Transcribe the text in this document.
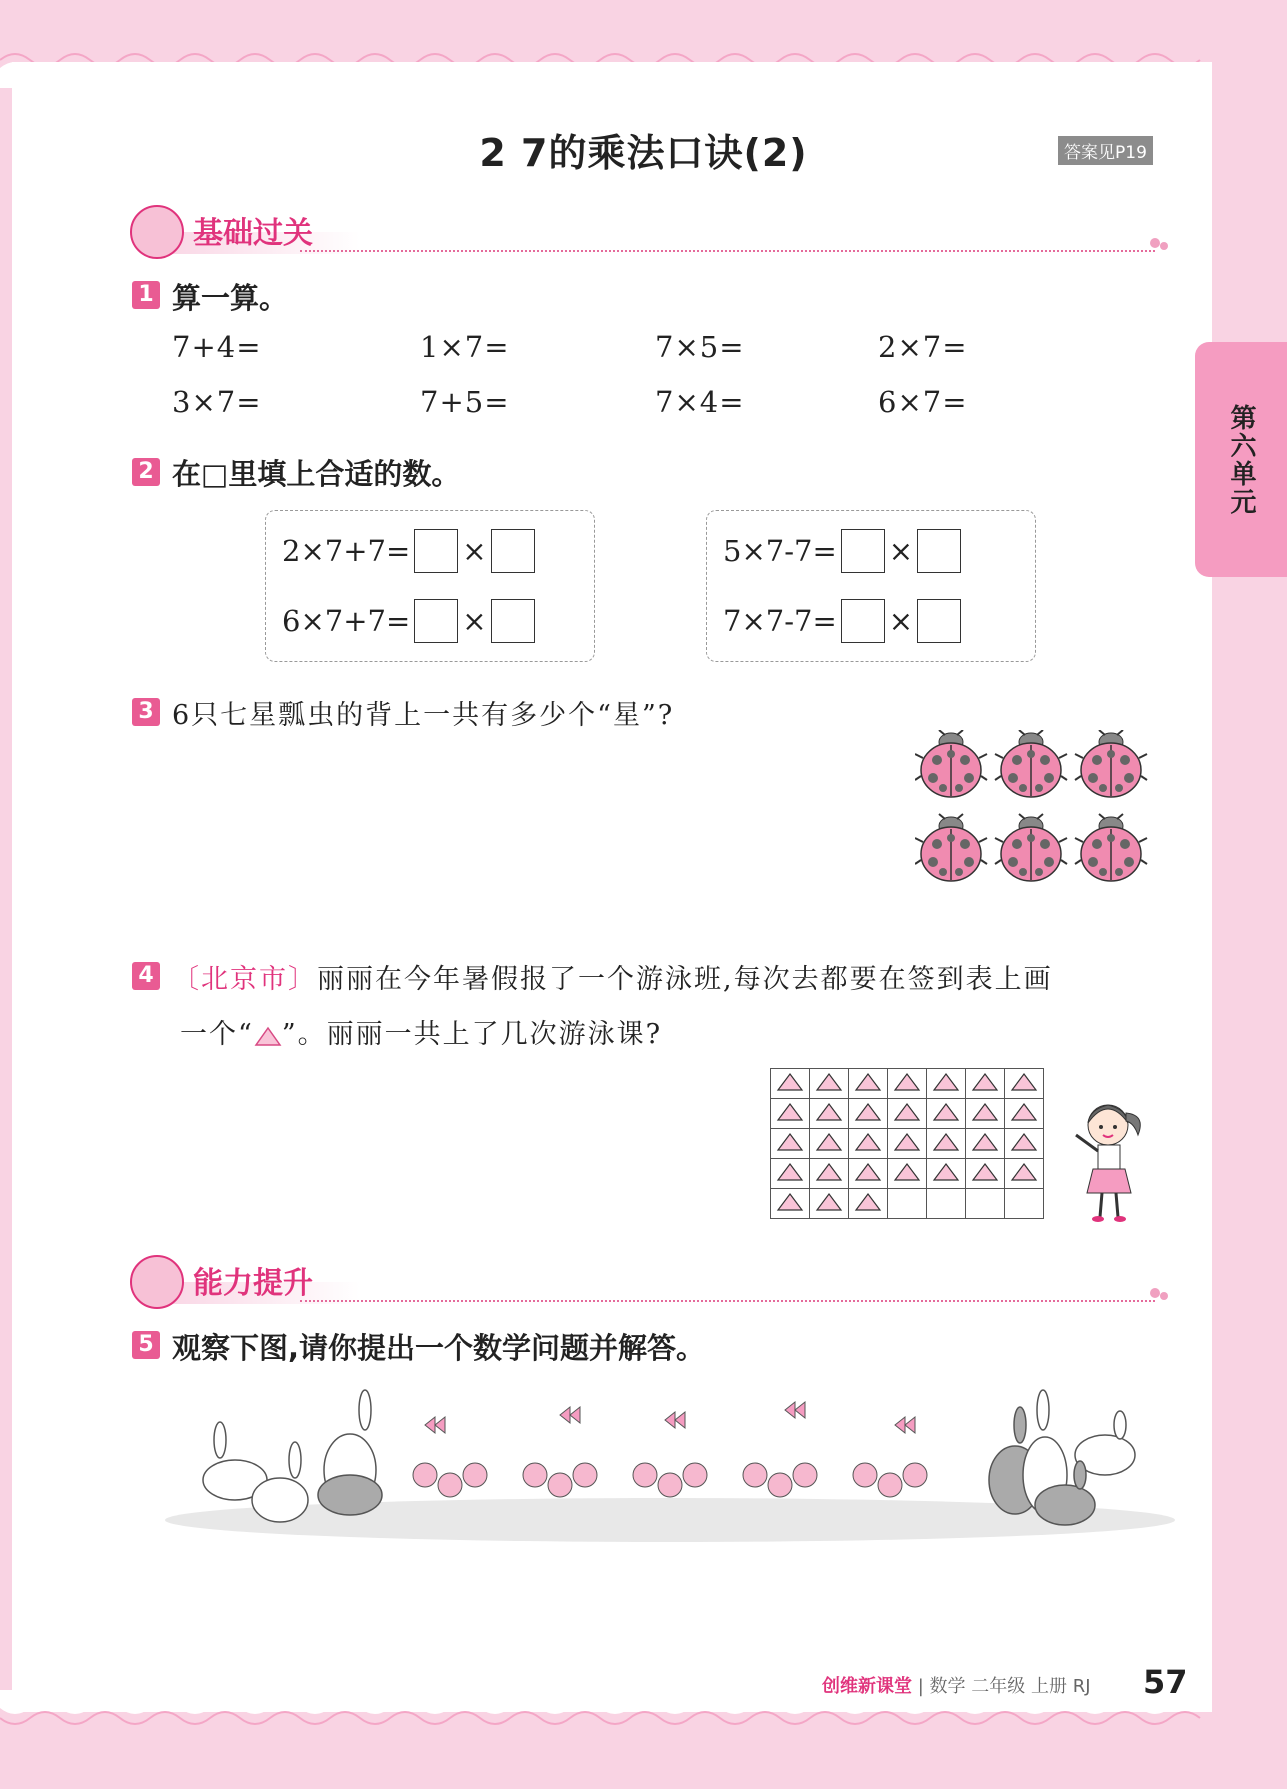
2 7的乘法口诀(2)	答案见P19
第六单元
基础过关
1 算一算。
7+4=	1×7=	7×5=	2×7=
3×7=	7+5=	7×4=	6×7=
2 在□里填上合适的数。
2×7+7= ×
6×7+7= ×
5×7-7= ×
7×7-7= ×
3 6只七星瓢虫的背上一共有多少个“星”?
4 〔北京市〕丽丽在今年暑假报了一个游泳班,每次去都要在签到表上画
一个“ ”。丽丽一共上了几次游泳课?

能力提升
5 观察下图,请你提出一个数学问题并解答。
创维新课堂 | 数学 二年级 上册 RJ 57
